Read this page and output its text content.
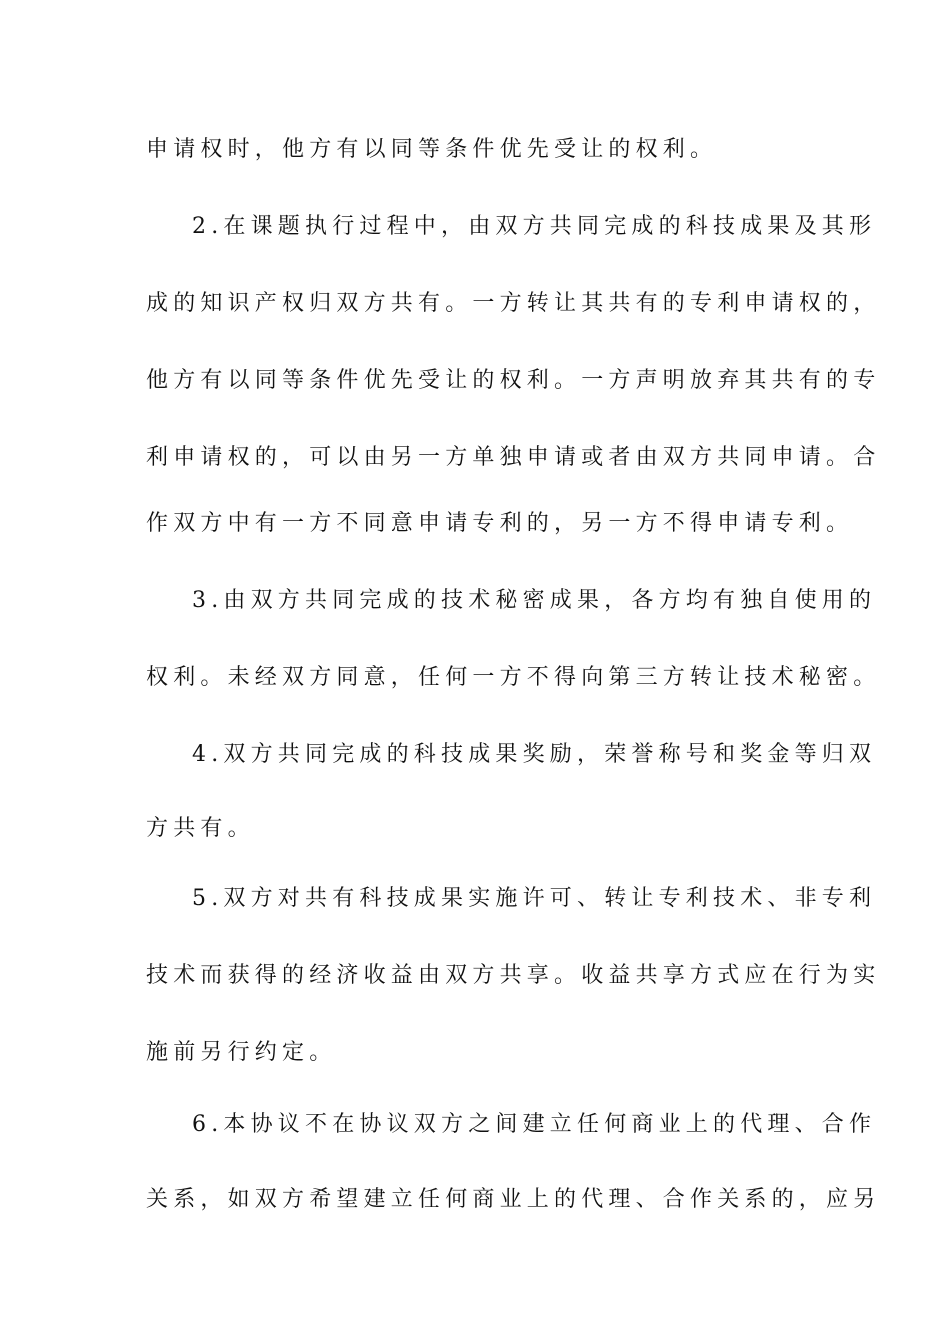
申请权时，他方有以同等条件优先受让的权利。
2.在课题执行过程中，由双方共同完成的科技成果及其形
成的知识产权归双方共有。一方转让其共有的专利申请权的，
他方有以同等条件优先受让的权利。一方声明放弃其共有的专
利申请权的，可以由另一方单独申请或者由双方共同申请。合
作双方中有一方不同意申请专利的，另一方不得申请专利。
3.由双方共同完成的技术秘密成果，各方均有独自使用的
权利。未经双方同意，任何一方不得向第三方转让技术秘密。
4.双方共同完成的科技成果奖励，荣誉称号和奖金等归双
方共有。
5.双方对共有科技成果实施许可、转让专利技术、非专利
技术而获得的经济收益由双方共享。收益共享方式应在行为实
施前另行约定。
6.本协议不在协议双方之间建立任何商业上的代理、合作
关系，如双方希望建立任何商业上的代理、合作关系的，应另
